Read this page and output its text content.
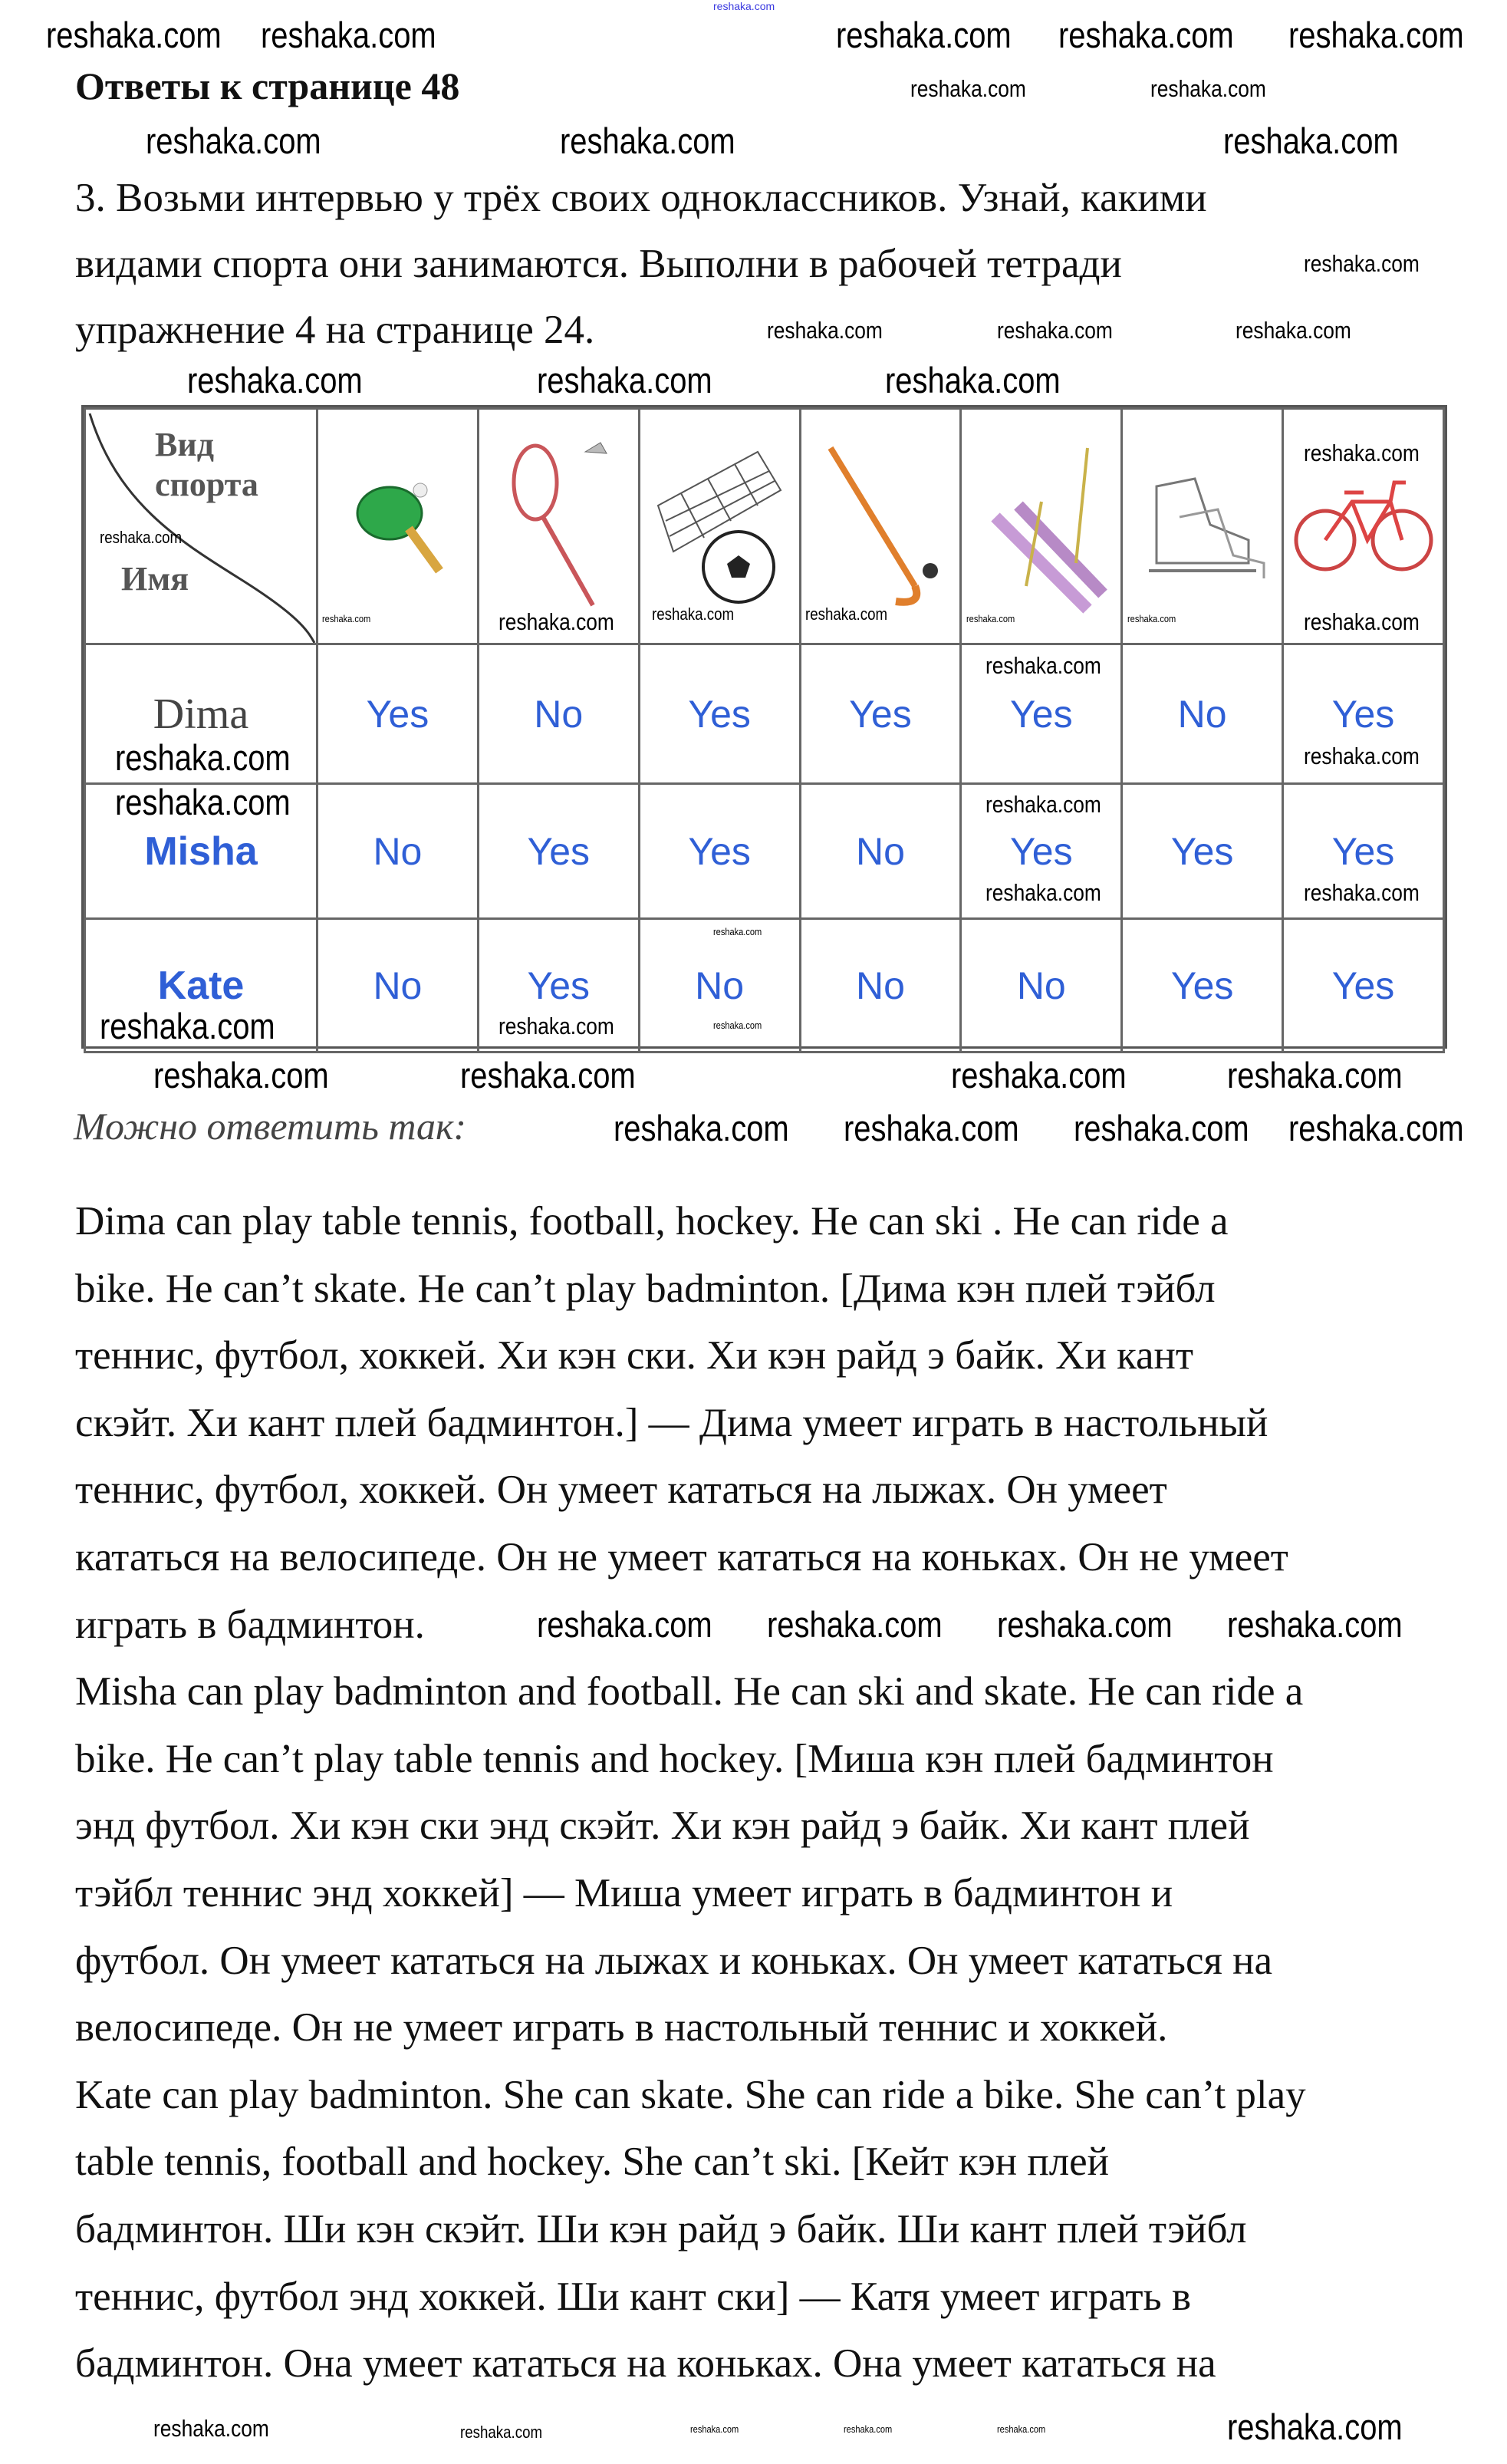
reshaka.com
Ответы к странице 48
3. Возьми интервью у трёх своих одноклассников. Узнай, какими
видами спорта они занимаются. Выполни в рабочей тетради
упражнение 4 на странице 24.
Вид
спорта
Имя

Dima	Yes	No	Yes	Yes	Yes	No	Yes
Misha	No	Yes	Yes	No	Yes	Yes	Yes
Kate	No	Yes	No	No	No	Yes	Yes
Можно ответить так:
Dima can play table tennis, football, hockey. He can ski . He can ride a
bike. He can’t skate. He can’t play badminton. [Дима кэн плей тэйбл
теннис, футбол, хоккей. Хи кэн ски. Хи кэн райд э байк. Хи кант
скэйт. Хи кант плей бадминтон.] — Дима умеет играть в настольный
теннис, футбол, хоккей. Он умеет кататься на лыжах. Он умеет
кататься на велосипеде. Он не умеет кататься на коньках. Он не умеет
играть в бадминтон.
Misha can play badminton and football. He can ski and skate. He can ride a
bike. He can’t play table tennis and hockey. [Миша кэн плей бадминтон
энд футбол. Хи кэн ски энд скэйт. Хи кэн райд э байк. Хи кант плей
тэйбл теннис энд хоккей] — Миша умеет играть в бадминтон и
футбол. Он умеет кататься на лыжах и коньках. Он умеет кататься на
велосипеде. Он не умеет играть в настольный теннис и хоккей.
Kate can play badminton. She can skate. She can ride a bike. She can’t play
table tennis, football and hockey. She can’t ski. [Кейт кэн плей
бадминтон. Ши кэн скэйт. Ши кэн райд э байк. Ши кант плей тэйбл
теннис, футбол энд хоккей. Ши кант ски] — Катя умеет играть в
бадминтон. Она умеет кататься на коньках. Она умеет кататься на
reshaka.com reshaka.com	reshaka.com reshaka.com reshaka.com
reshaka.com	reshaka.com	reshaka.com
reshaka.com	reshaka.com	reshaka.com
reshaka.com
reshaka.com
reshaka.com
reshaka.com	reshaka.com	reshaka.com	reshaka.com
reshaka.com reshaka.com reshaka.com reshaka.com
reshaka.com reshaka.com reshaka.com reshaka.com
reshaka.com
reshaka.com	reshaka.com
reshaka.com
reshaka.com	reshaka.com	reshaka.com
reshaka.com
reshaka.com
reshaka.com
reshaka.com
reshaka.com
reshaka.com
reshaka.com	reshaka.com
reshaka.com
reshaka.com
reshaka.com
reshaka.com
reshaka.com
reshaka.com
reshaka.com	reshaka.com	reshaka.com
reshaka.com
reshaka.com
reshaka.com	reshaka.com	reshaka.com
